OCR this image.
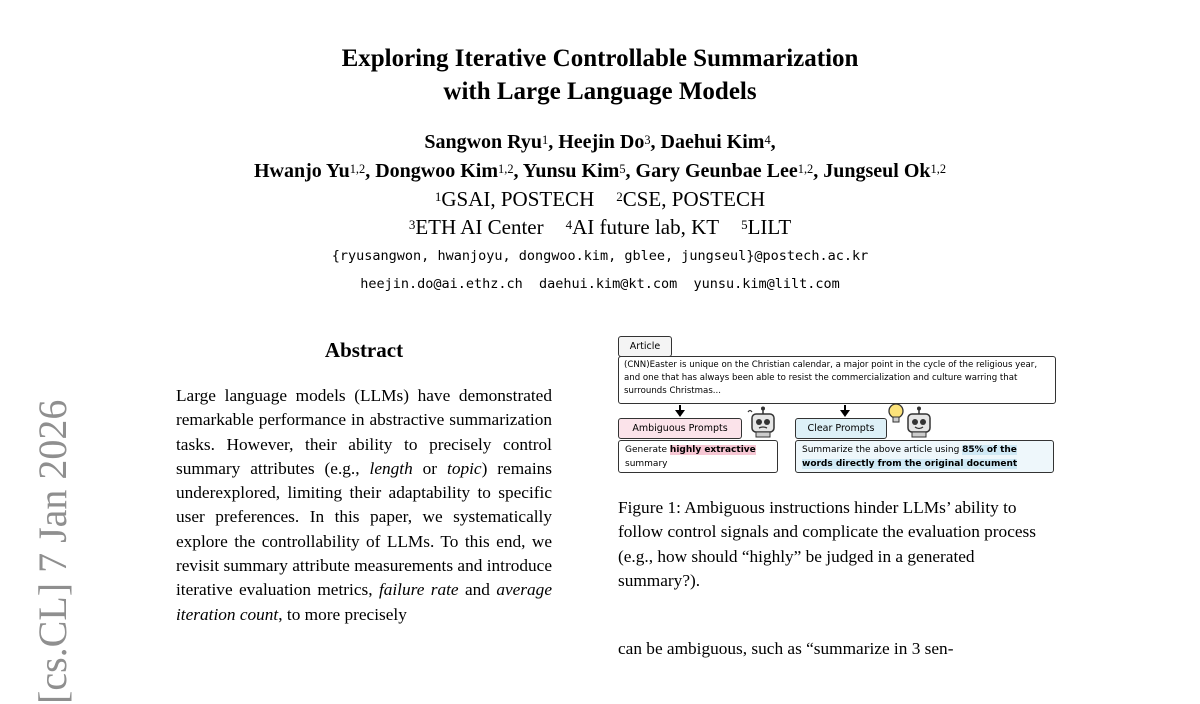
Exploring Iterative Controllable Summarization
with Large Language Models
Sangwon Ryu$^1$, Heejin Do$^3$, Daehui Kim$^4$,
Hwanjo Yu$^{1,2}$, Dongwoo Kim$^{1,2}$, Yunsu Kim$^5$, Gary Geunbae Lee$^{1,2}$, Jungseul Ok$^{1,2}$
$^1$GSAI, POSTECH $^2$CSE, POSTECH
$^3$ETH AI Center $^4$AI future lab, KT $^5$LILT
{ryusangwon, hwanjoyu, dongwoo.kim, gblee, jungseul}@postech.ac.kr
heejin.do@ai.ethz.ch daehui.kim@kt.com yunsu.kim@lilt.com
[cs.CL] 7 Jan 2026
Abstract

Large language models (LLMs) have demonstrated remarkable performance in abstractive summarization tasks. However, their ability to precisely control summary attributes (e.g., length or topic) remains underexplored, limiting their adaptability to specific user preferences. In this paper, we systematically explore the controllability of LLMs. To this end, we revisit summary attribute measurements and introduce iterative evaluation metrics, failure rate and average iteration count, to more precisely

Article
(CNN)Easter is unique on the Christian calendar, a major point in the cycle of the religious year, and one that has always been able to resist the commercialization and culture warring that surrounds Christmas...
Ambiguous Prompts
Generate highly extractive summary
Clear Prompts
Summarize the above article using 85% of the words directly from the original document
Figure 1: Ambiguous instructions hinder LLMs’ ability to follow control signals and complicate the evaluation process (e.g., how should “highly” be judged in a generated summary?).
can be ambiguous, such as “summarize in 3 sen-
